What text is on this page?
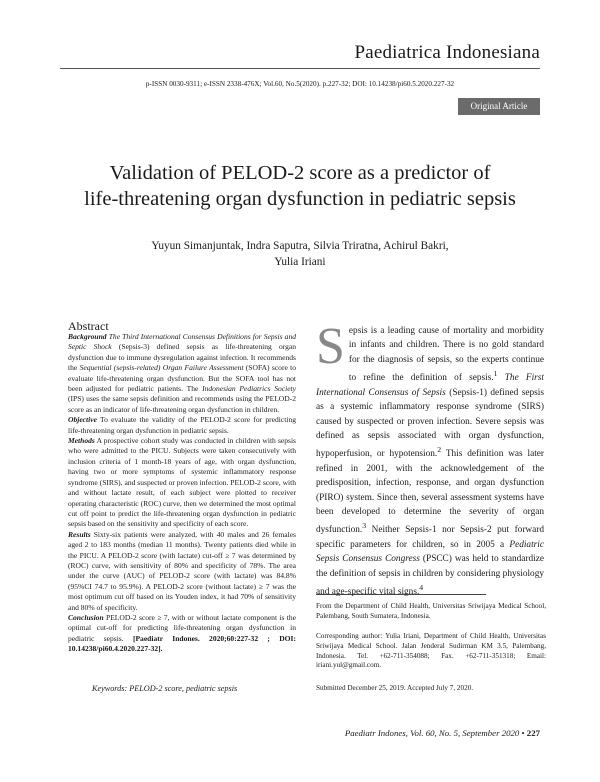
Paediatrica Indonesiana
p-ISSN 0030-9311; e-ISSN 2338-476X; Vol.60, No.5(2020). p.227-32; DOI: 10.14238/pi60.5.2020.227-32
Original Article
Validation of PELOD-2 score as a predictor of
life-threatening organ dysfunction in pediatric sepsis
Yuyun Simanjuntak, Indra Saputra, Silvia Triratna, Achirul Bakri,
Yulia Iriani
Abstract

Background The Third International Consensus Definitions for Sepsis and Septic Shock (Sepsis-3) defined sepsis as life-threatening organ dysfunction due to immune dysregulation against infection. It recommends the Sequential (sepsis-related) Organ Failure Assessment (SOFA) score to evaluate life-threatening organ dysfunction. But the SOFA tool has not been adjusted for pediatric patients. The Indonesian Pediatrics Society (IPS) uses the same sepsis definition and recommends using the PELOD-2 score as an indicator of life-threatening organ dysfunction in children.

Objective To evaluate the validity of the PELOD-2 score for predicting life-threatening organ dysfunction in pediatric sepsis.

Methods A prospective cohort study was conducted in children with sepsis who were admitted to the PICU. Subjects were taken consecutively with inclusion criteria of 1 month-18 years of age, with organ dysfunction, having two or more symptoms of systemic inflammatory response syndrome (SIRS), and suspected or proven infection. PELOD-2 score, with and without lactate result, of each subject were plotted to receiver operating characteristic (ROC) curve, then we determined the most optimal cut off point to predict the life-threatening organ dysfunction in pediatric sepsis based on the sensitivity and specificity of each score.

Results Sixty-six patients were analyzed, with 40 males and 26 females aged 2 to 183 months (median 11 months). Twenty patients died while in the PICU. A PELOD-2 score (with lactate) cut-off ≥ 7 was determined by (ROC) curve, with sensitivity of 80% and specificity of 78%. The area under the curve (AUC) of PELOD-2 score (with lactate) was 84.8% (95%CI 74.7 to 95.9%). A PELOD-2 score (without lactate) ≥ 7 was the most optimum cut off based on its Youden index, it had 70% of sensitivity and 80% of specificity.

Conclusion PELOD-2 score ≥ 7, with or without lactate component is the optimal cut-off for predicting life-threatening organ dysfunction in pediatric sepsis. [Paediatr Indones. 2020;60:227-32 ; DOI: 10.14238/pi60.4.2020.227-32].

Keywords: PELOD-2 score, pediatric sepsis
S epsis is a leading cause of mortality and morbidity in infants and children. There is no gold standard for the diagnosis of sepsis, so the experts continue to refine the definition of sepsis.$^1$ The First International Consensus of Sepsis (Sepsis-1) defined sepsis as a systemic inflammatory response syndrome (SIRS) caused by suspected or proven infection. Severe sepsis was defined as sepsis associated with organ dysfunction, hypoperfusion, or hypotension.$^2$ This definition was later refined in 2001, with the acknowledgement of the predisposition, infection, response, and organ dysfunction (PIRO) system. Since then, several assessment systems have been developed to determine the severity of organ dysfunction.$^3$ Neither Sepsis-1 nor Sepsis-2 put forward specific parameters for children, so in 2005 a Pediatric Sepsis Consensus Congress (PSCC) was held to standardize the definition of sepsis in children by considering physiology and age-specific vital signs.$^4$

From the Department of Child Health, Universitas Sriwijaya Medical School, Palembang, South Sumatera, Indonesia.

Corresponding author: Yulia Iriani, Department of Child Health, Universitas Sriwijaya Medical School. Jalan Jenderal Sudirman KM 3.5, Palembang, Indonesia. Tel. +62-711-354088; Fax. +62-711-351318; Email: iriani.yul@gmail.com.

Submitted December 25, 2019. Accepted July 7, 2020.

Paediatr Indones, Vol. 60, No. 5, September 2020 • 227
